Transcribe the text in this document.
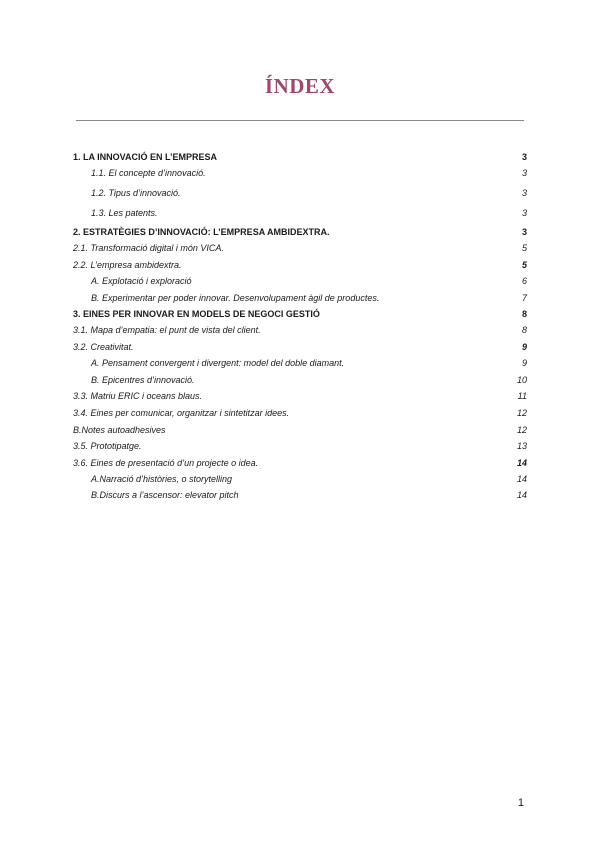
ÍNDEX
1. LA INNOVACIÓ EN L’EMPRESA	3
1.1. El concepte d’innovació.	3
1.2. Tipus d’innovació.	3
1.3. Les patents.	3
2. ESTRATÈGIES D’INNOVACIÓ: L’EMPRESA AMBIDEXTRA.	3
2.1. Transformació digital i món VICA.	5
2.2. L’empresa ambidextra.	5
A. Explotació i exploració	6
B. Experimentar per poder innovar. Desenvolupament àgil de productes.	7
3. EINES PER INNOVAR EN MODELS DE NEGOCI GESTIÓ	8
3.1. Mapa d’empatia: el punt de vista del client.	8
3.2. Creativitat.	9
A. Pensament convergent i divergent: model del doble diamant.	9
B. Epicentres d’innovació.	10
3.3. Matriu ERIC i oceans blaus.	11
3.4. Eines per comunicar, organitzar i sintetitzar idees.	12
B.Notes autoadhesives	12
3.5. Prototipatge.	13
3.6. Eines de presentació d’un projecte o idea.	14
A.Narració d’històries, o storytelling	14
B.Discurs a l’ascensor: elevator pitch	14
1
